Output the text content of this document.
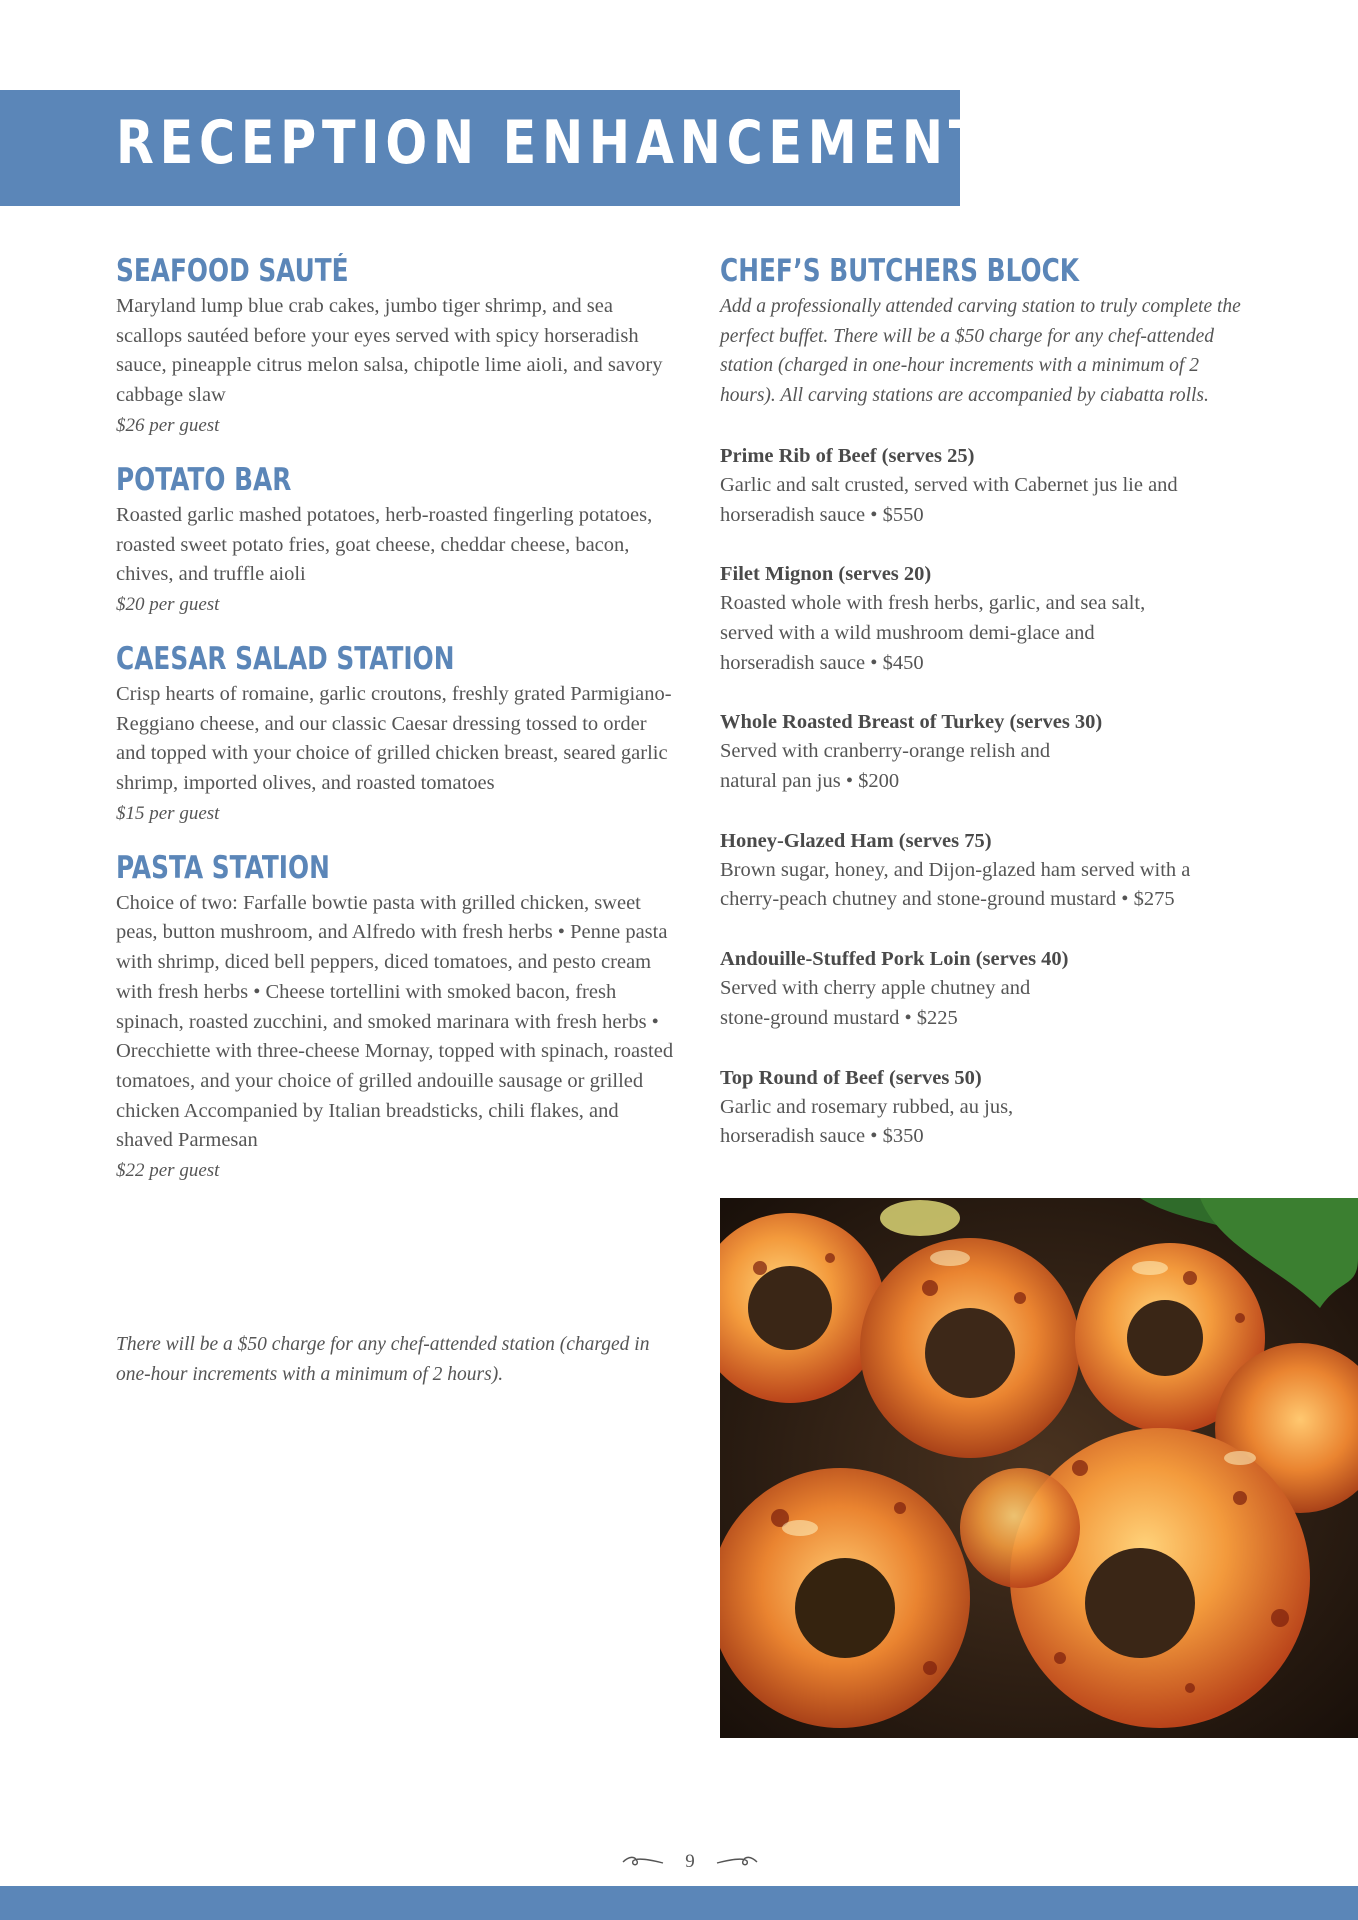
RECEPTION ENHANCEMENTS
SEAFOOD SAUTÉ

Maryland lump blue crab cakes, jumbo tiger shrimp, and sea scallops sautéed before your eyes served with spicy horseradish sauce, pineapple citrus melon salsa, chipotle lime aioli, and savory cabbage slaw

$26 per guest

POTATO BAR

Roasted garlic mashed potatoes, herb-roasted fingerling potatoes, roasted sweet potato fries, goat cheese, cheddar cheese, bacon, chives, and truffle aioli

$20 per guest

CAESAR SALAD STATION

Crisp hearts of romaine, garlic croutons, freshly grated Parmigiano-Reggiano cheese, and our classic Caesar dressing tossed to order and topped with your choice of grilled chicken breast, seared garlic shrimp, imported olives, and roasted tomatoes

$15 per guest

PASTA STATION

Choice of two: Farfalle bowtie pasta with grilled chicken, sweet peas, button mushroom, and Alfredo with fresh herbs • Penne pasta with shrimp, diced bell peppers, diced tomatoes, and pesto cream with fresh herbs • Cheese tortellini with smoked bacon, fresh spinach, roasted zucchini, and smoked marinara with fresh herbs • Orecchiette with three-cheese Mornay, topped with spinach, roasted tomatoes, and your choice of grilled andouille sausage or grilled chicken Accompanied by Italian breadsticks, chili flakes, and shaved Parmesan

$22 per guest

There will be a $50 charge for any chef-attended station (charged in one-hour increments with a minimum of 2 hours).

CHEF’S BUTCHERS BLOCK

Add a professionally attended carving station to truly complete the perfect buffet. There will be a $50 charge for any chef-attended station (charged in one-hour increments with a minimum of 2 hours). All carving stations are accompanied by ciabatta rolls.

Prime Rib of Beef (serves 25)

Garlic and salt crusted, served with Cabernet jus lie and

horseradish sauce • $550

Filet Mignon (serves 20)

Roasted whole with fresh herbs, garlic, and sea salt, served with a wild mushroom demi-glace and

horseradish sauce • $450

Whole Roasted Breast of Turkey (serves 30)

Served with cranberry-orange relish and

natural pan jus • $200

Honey-Glazed Ham (serves 75)

Brown sugar, honey, and Dijon-glazed ham served with a

cherry-peach chutney and stone-ground mustard • $275

Andouille-Stuffed Pork Loin (serves 40)

Served with cherry apple chutney and

stone-ground mustard • $225

Top Round of Beef (serves 50)

Garlic and rosemary rubbed, au jus,

horseradish sauce • $350

9
